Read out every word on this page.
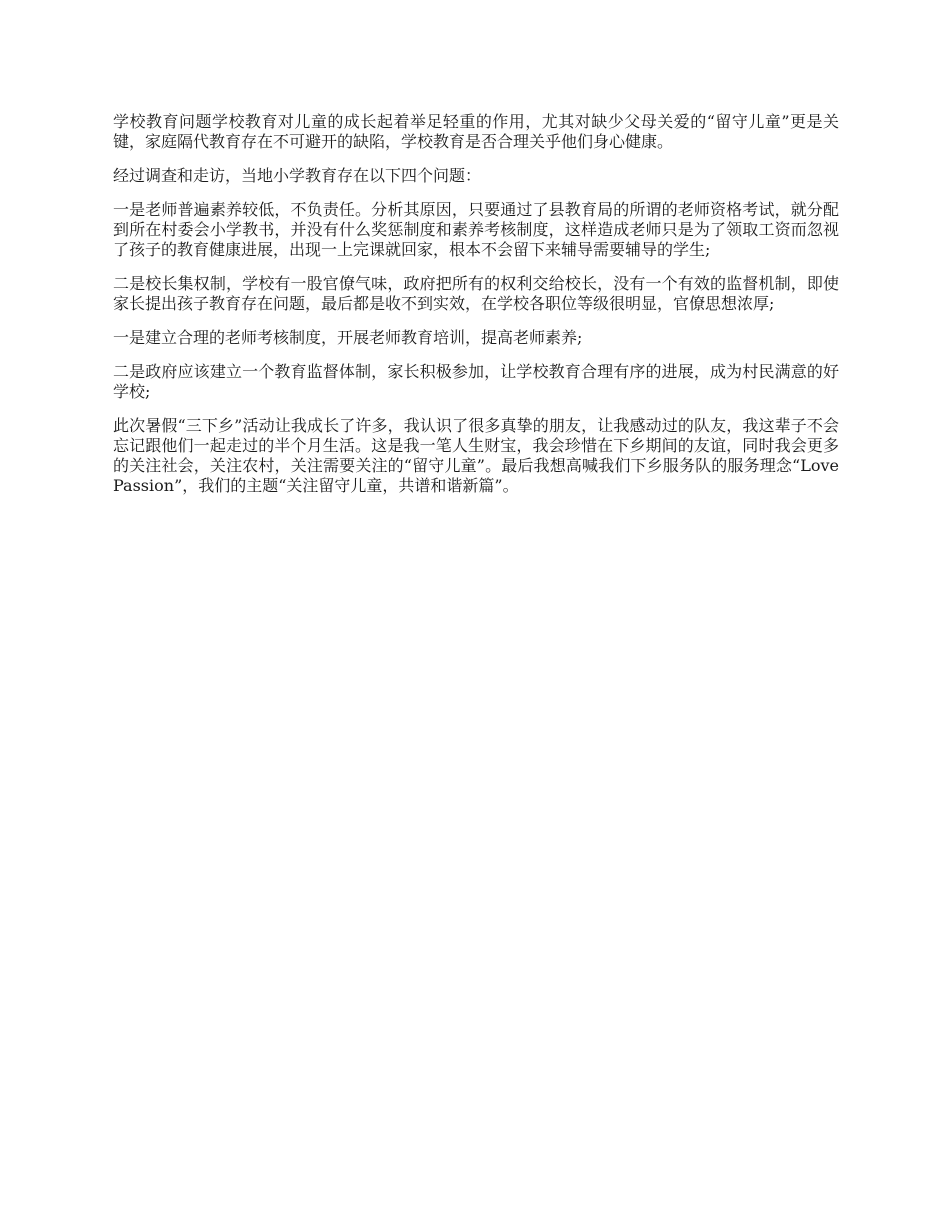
学校教育问题学校教育对儿童的成长起着举足轻重的作用，尤其对缺少父母关爱的“留守儿童”更是关键，家庭隔代教育存在不可避开的缺陷，学校教育是否合理关乎他们身心健康。

经过调查和走访，当地小学教育存在以下四个问题：

一是老师普遍素养较低，不负责任。分析其原因，只要通过了县教育局的所谓的老师资格考试，就分配到所在村委会小学教书，并没有什么奖惩制度和素养考核制度，这样造成老师只是为了领取工资而忽视了孩子的教育健康进展，出现一上完课就回家，根本不会留下来辅导需要辅导的学生;

二是校长集权制，学校有一股官僚气味，政府把所有的权利交给校长，没有一个有效的监督机制，即使家长提出孩子教育存在问题，最后都是收不到实效，在学校各职位等级很明显，官僚思想浓厚;

一是建立合理的老师考核制度，开展老师教育培训，提高老师素养;

二是政府应该建立一个教育监督体制，家长积极参加，让学校教育合理有序的进展，成为村民满意的好学校;

此次暑假“三下乡”活动让我成长了许多，我认识了很多真挚的朋友，让我感动过的队友，我这辈子不会忘记跟他们一起走过的半个月生活。这是我一笔人生财宝，我会珍惜在下乡期间的友谊，同时我会更多的关注社会，关注农村，关注需要关注的“留守儿童”。最后我想高喊我们下乡服务队的服务理念“LovePassion”，我们的主题“关注留守儿童，共谱和谐新篇”。
